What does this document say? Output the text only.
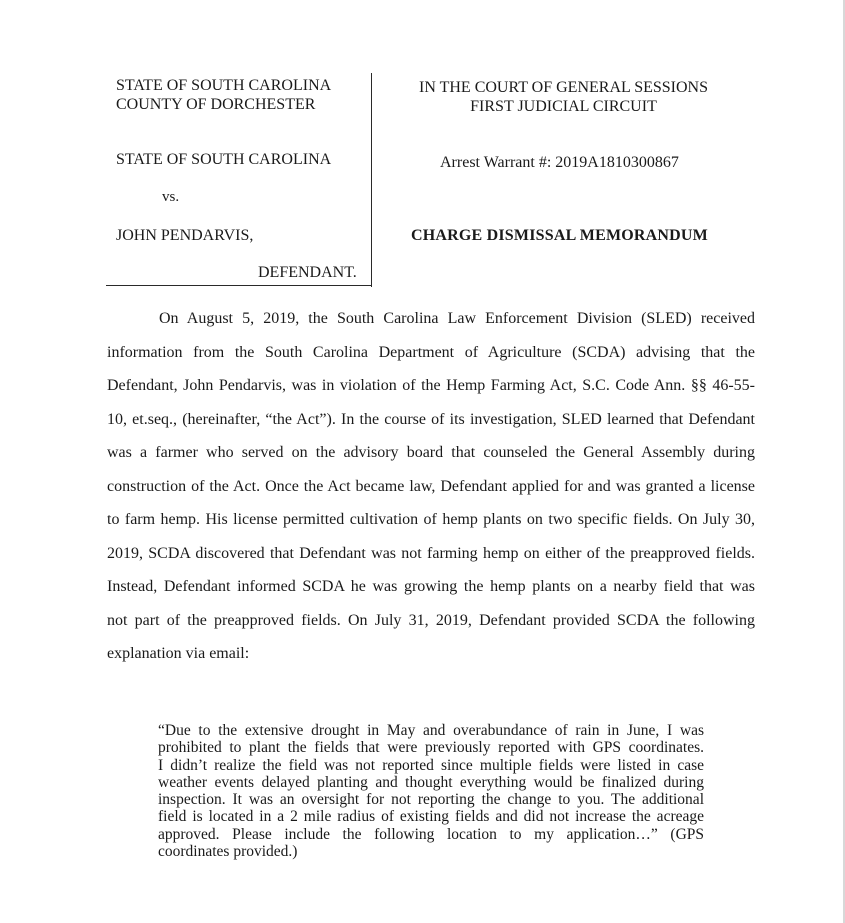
STATE OF SOUTH CAROLINA
COUNTY OF DORCHESTER
IN THE COURT OF GENERAL SESSIONS
FIRST JUDICIAL CIRCUIT
STATE OF SOUTH CAROLINA
vs.
JOHN PENDARVIS,
DEFENDANT.
Arrest Warrant #: 2019A1810300867
CHARGE DISMISSAL MEMORANDUM
On August 5, 2019, the South Carolina Law Enforcement Division (SLED) received
information from the South Carolina Department of Agriculture (SCDA) advising that the
Defendant, John Pendarvis, was in violation of the Hemp Farming Act, S.C. Code Ann. §§ 46-55-
10, et.seq., (hereinafter, “the Act”). In the course of its investigation, SLED learned that Defendant
was a farmer who served on the advisory board that counseled the General Assembly during
construction of the Act. Once the Act became law, Defendant applied for and was granted a license
to farm hemp. His license permitted cultivation of hemp plants on two specific fields. On July 30,
2019, SCDA discovered that Defendant was not farming hemp on either of the preapproved fields.
Instead, Defendant informed SCDA he was growing the hemp plants on a nearby field that was
not part of the preapproved fields. On July 31, 2019, Defendant provided SCDA the following
explanation via email:
“Due to the extensive drought in May and overabundance of rain in June, I was
prohibited to plant the fields that were previously reported with GPS coordinates.
I didn’t realize the field was not reported since multiple fields were listed in case
weather events delayed planting and thought everything would be finalized during
inspection. It was an oversight for not reporting the change to you. The additional
field is located in a 2 mile radius of existing fields and did not increase the acreage
approved. Please include the following location to my application…” (GPS
coordinates provided.)
